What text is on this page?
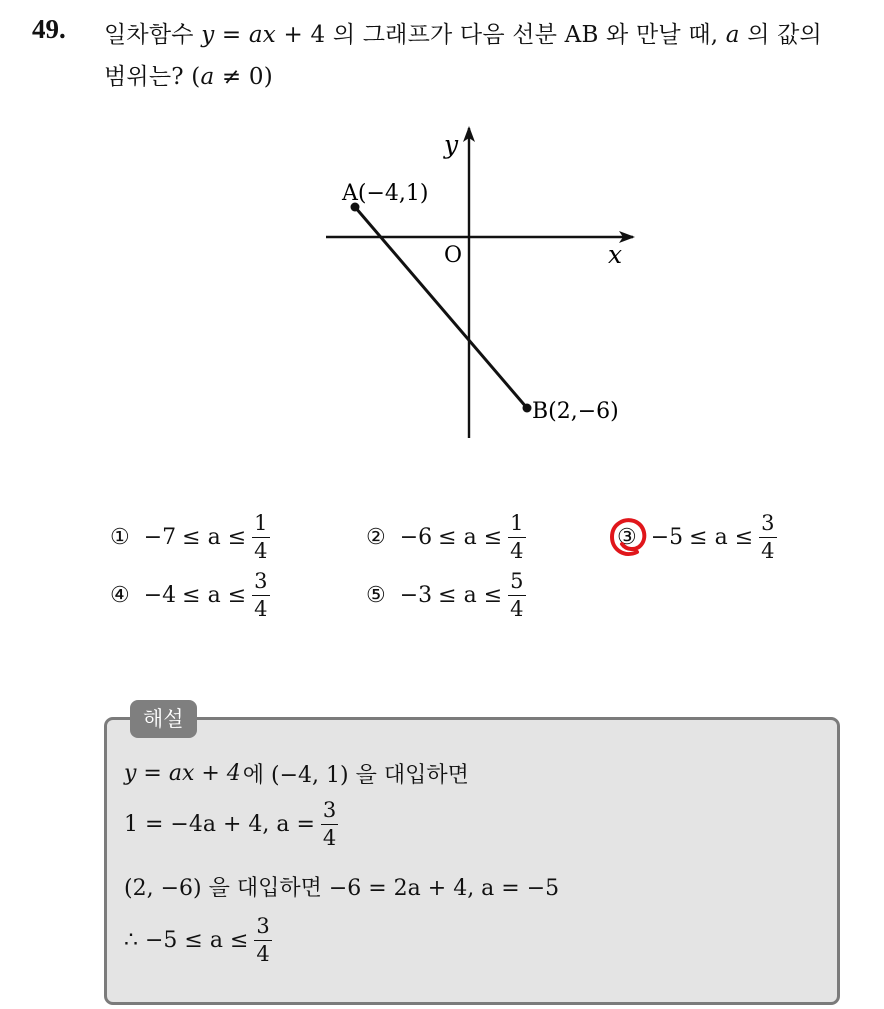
49. 일차함수 y = ax + 4 의 그래프가 다음 선분 AB 와 만날 때, a 의 값의
범위는? (a ≠ 0)
y
x
O
A(−4,1)
B(2,−6)
① $-7 \le a \le \frac{1}{4}$	② $-6 \le a \le \frac{1}{4}$	③ $-5 \le a \le \frac{3}{4}$
④ $-4 \le a \le \frac{3}{4}$	⑤ $-3 \le a \le \frac{5}{4}$
해설
y = ax + 4 에 (−4, 1) 을 대입하면
1 = −4a + 4, $a = \frac{3}{4}$
(2, −6) 을 대입하면 −6 = 2a + 4, a = −5
∴ $-5 \le a \le \frac{3}{4}$
